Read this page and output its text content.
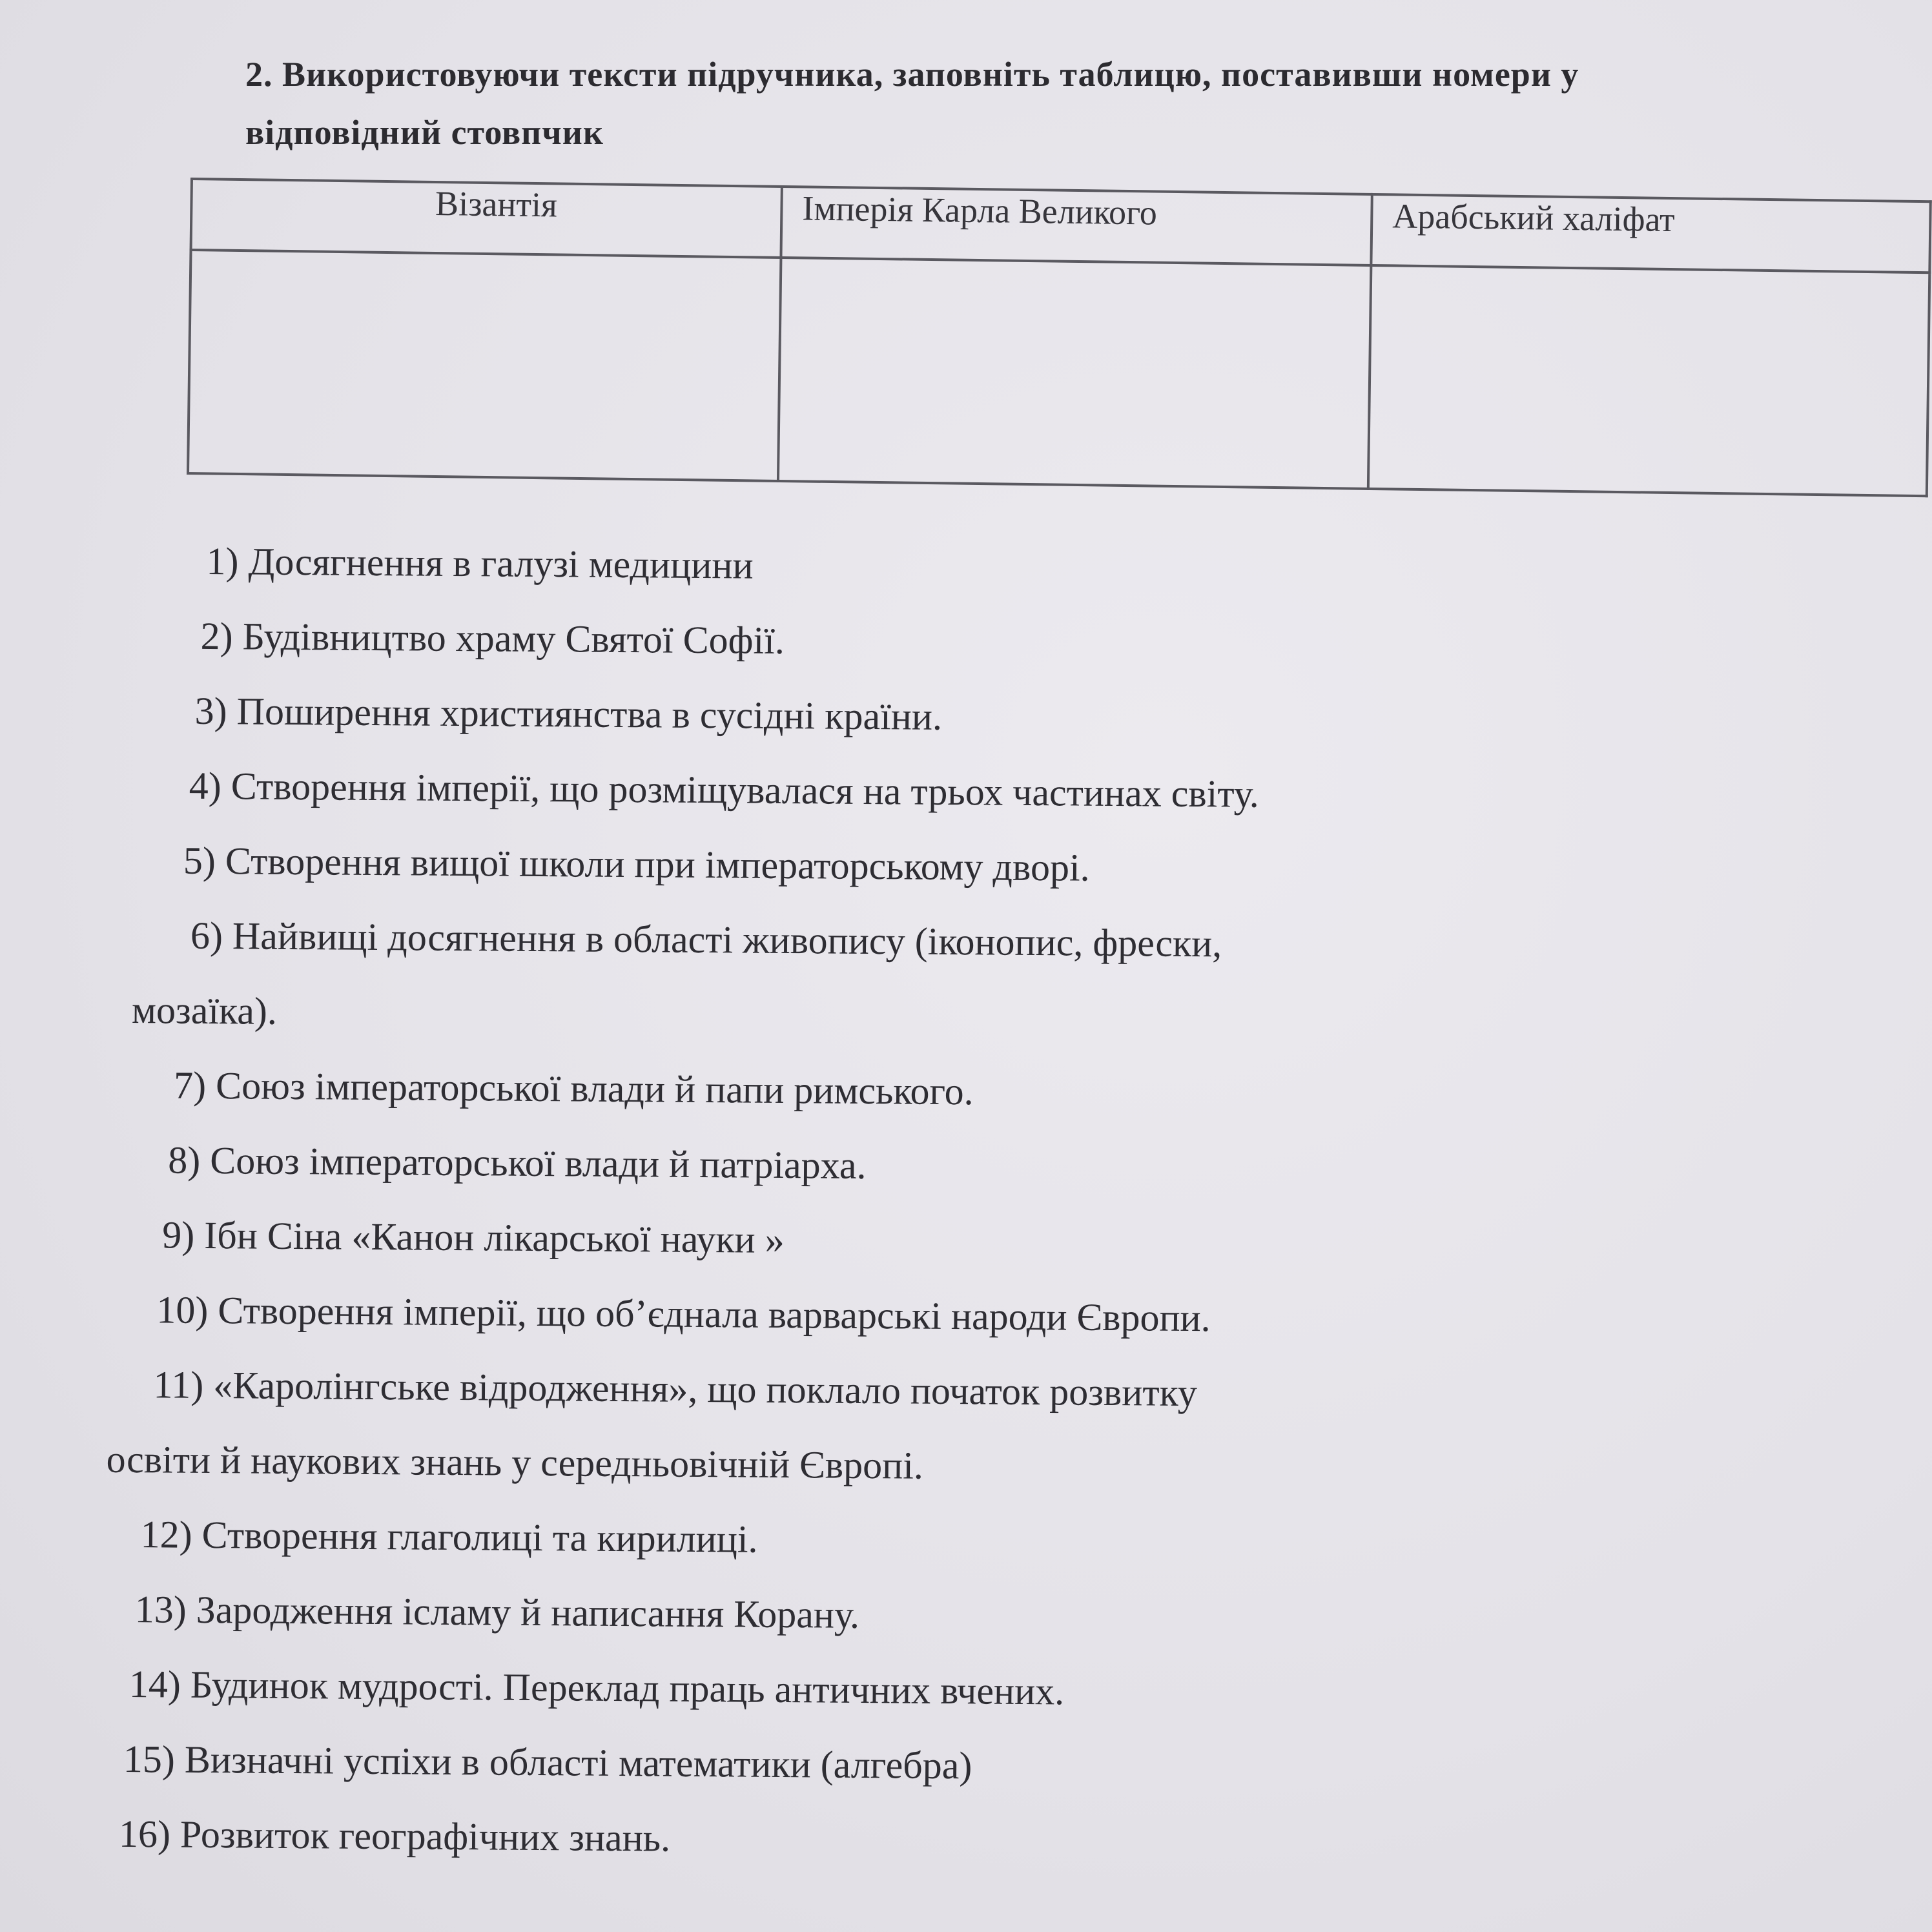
2. Використовуючи тексти підручника, заповніть таблицю, поставивши номери у
відповідний стовпчик
Візантія	Імперія Карла Великого	Арабський халіфат

1) Досягнення в галузі медицини
2) Будівництво храму Святої Софії.
3) Поширення християнства в сусідні країни.
4) Створення імперії, що розміщувалася на трьох частинах світу.
5) Створення вищої школи при імператорському дворі.
6) Найвищі досягнення в області живопису (іконопис, фрески,
мозаїка).
7) Союз імператорської влади й папи римського.
8) Союз імператорської влади й патріарха.
9) Ібн Сіна «Канон лікарської науки »
10) Створення імперії, що об’єднала варварські народи Європи.
11) «Каролінгське відродження», що поклало початок розвитку
освіти й наукових знань у середньовічній Європі.
12) Створення глаголиці та кирилиці.
13) Зародження ісламу й написання Корану.
14) Будинок мудрості. Переклад праць античних вчених.
15) Визначні успіхи в області математики (алгебра)
16) Розвиток географічних знань.
